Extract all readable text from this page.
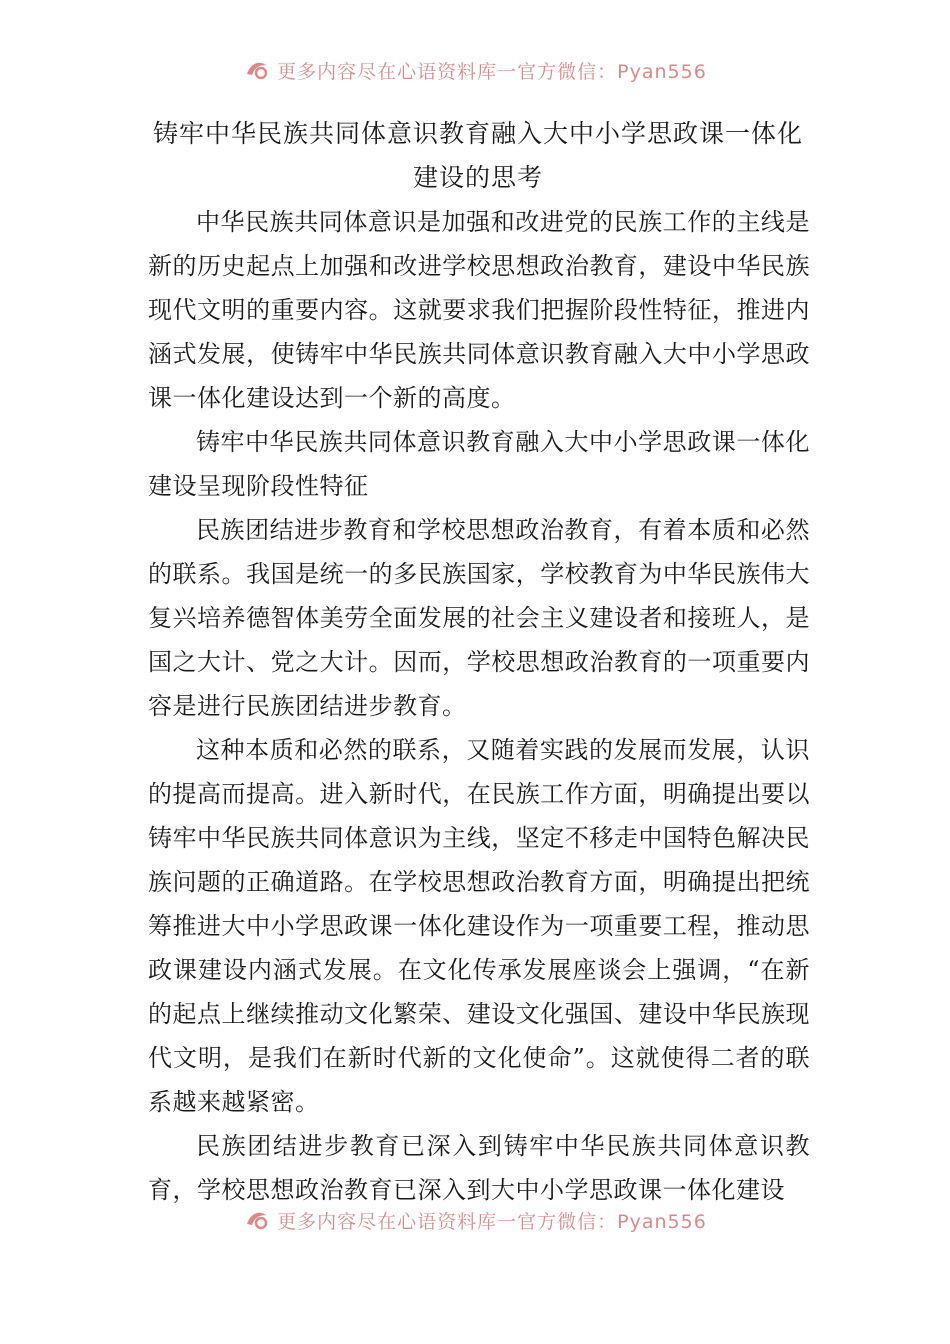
更多内容尽在心语资料库一官方微信：Pyan556
铸牢中华民族共同体意识教育融入大中小学思政课一体化
建设的思考

中华民族共同体意识是加强和改进党的民族工作的主线是新的历史起点上加强和改进学校思想政治教育，建设中华民族现代文明的重要内容。这就要求我们把握阶段性特征，推进内涵式发展，使铸牢中华民族共同体意识教育融入大中小学思政课一体化建设达到一个新的高度。

铸牢中华民族共同体意识教育融入大中小学思政课一体化建设呈现阶段性特征

民族团结进步教育和学校思想政治教育，有着本质和必然的联系。我国是统一的多民族国家，学校教育为中华民族伟大复兴培养德智体美劳全面发展的社会主义建设者和接班人，是国之大计、党之大计。因而，学校思想政治教育的一项重要内容是进行民族团结进步教育。

这种本质和必然的联系，又随着实践的发展而发展，认识的提高而提高。进入新时代，在民族工作方面，明确提出要以铸牢中华民族共同体意识为主线，坚定不移走中国特色解决民族问题的正确道路。在学校思想政治教育方面，明确提出把统筹推进大中小学思政课一体化建设作为一项重要工程，推动思政课建设内涵式发展。在文化传承发展座谈会上强调，“在新的起点上继续推动文化繁荣、建设文化强国、建设中华民族现代文明，是我们在新时代新的文化使命”。这就使得二者的联系越来越紧密。

民族团结进步教育已深入到铸牢中华民族共同体意识教育，学校思想政治教育已深入到大中小学思政课一体化建设

更多内容尽在心语资料库一官方微信：Pyan556
